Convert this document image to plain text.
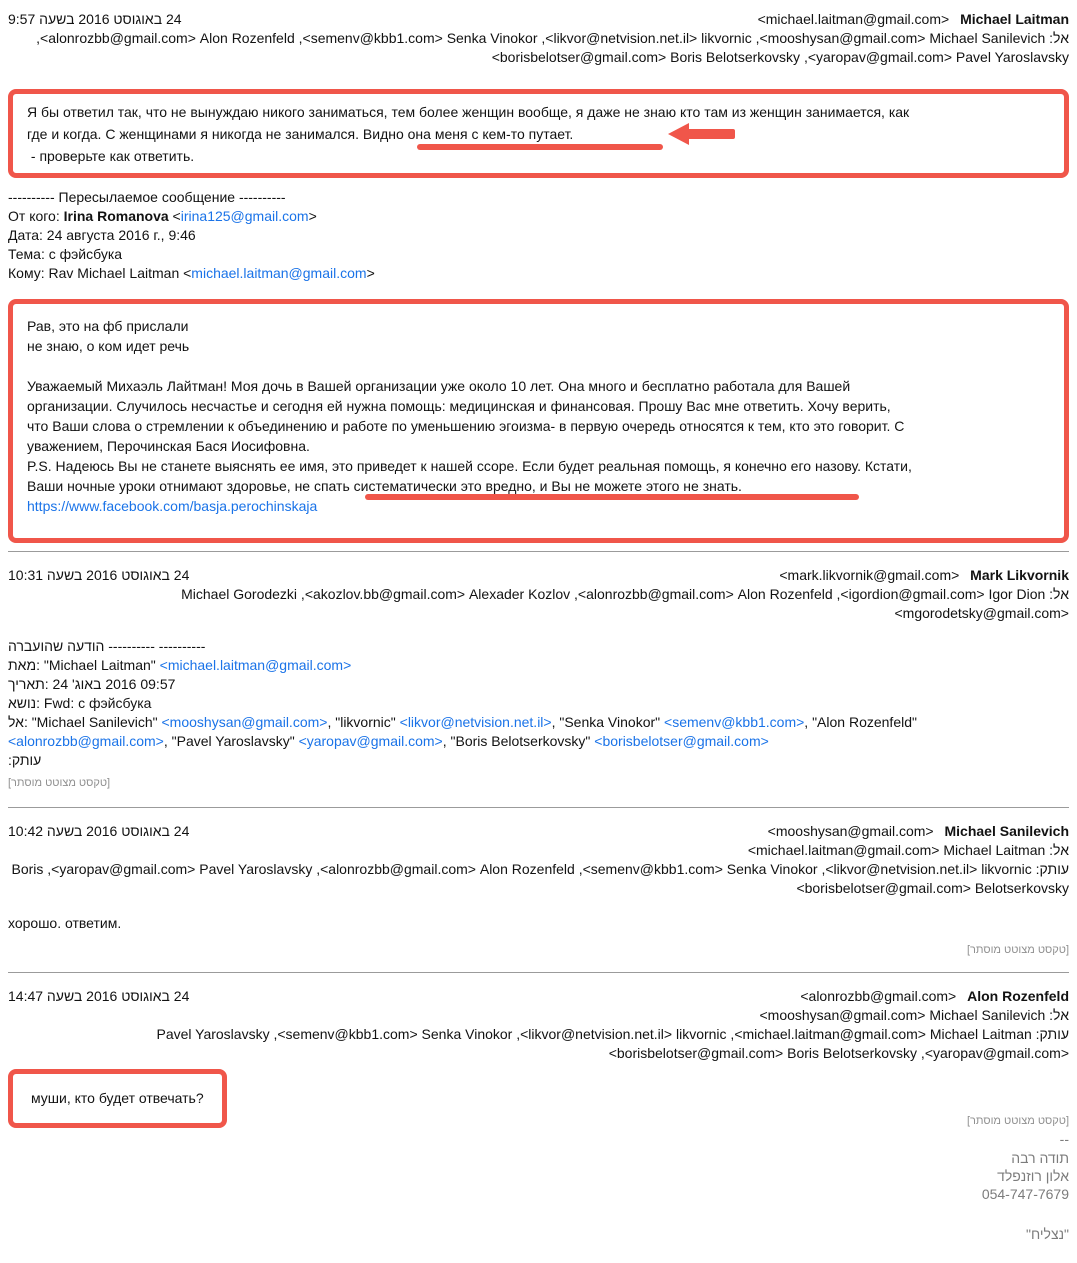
Michael Laitman <michael.laitman@gmail.com>
24 באוגוסט 2016 בשעה 9:57
אל: Michael Sanilevich <mooshysan@gmail.com>, likvornic <likvor@netvision.net.il>, Senka Vinokor <semenv@kbb1.com>, Alon Rozenfeld <alonrozbb@gmail.com>, Pavel Yaroslavsky <yaropav@gmail.com>, Boris Belotserkovsky <borisbelotser@gmail.com>

Я бы ответил так, что не вынуждаю никого заниматься, тем более женщин вообще, я даже не знаю кто там из женщин занимается, как
где и когда. С женщинами я никогда не занимался. Видно она меня с кем-то путает.
- проверьте как ответить.

---------- Пересылаемое сообщение ----------
От кого: Irina Romanova <irina125@gmail.com>
Дата: 24 августа 2016 г., 9:46
Тема: с фэйсбука
Кому: Rav Michael Laitman <michael.laitman@gmail.com>

Рав, это на фб прислали
не знаю, о ком идет речь

Уважаемый Михаэль Лайтман! Моя дочь в Вашей организации уже около 10 лет. Она много и бесплатно работала для Вашей
организации. Случилось несчастье и сегодня ей нужна помощь: медицинская и финансовая. Прошу Вас мне ответить. Хочу верить,
что Ваши слова о стремлении к объединению и работе по уменьшению эгоизма- в первую очередь относятся к тем, кто это говорит. С
уважением, Перочинская Бася Иосифовна.
P.S. Надеюсь Вы не станете выяснять ее имя, это приведет к нашей ссоре. Если будет реальная помощь, я конечно его назову. Кстати,
Ваши ночные уроки отнимают здоровье, не спать систематически это вредно, и Вы не можете этого не знать.

https://www.facebook.com/basja.perochinskaja
Mark Likvornik <mark.likvornik@gmail.com>
24 באוגוסט 2016 בשעה 10:31
אל: Igor Dion <igordion@gmail.com>, Alon Rozenfeld <alonrozbb@gmail.com>, Alexader Kozlov <akozlov.bb@gmail.com>, Michael Gorodezki <mgorodetsky@gmail.com>
הודעה שהועברה ---------- ----------
מאת: "Michael Laitman" <michael.laitman@gmail.com>
תאריך: 24 באוג' 2016 09:57
נושא: Fwd: с фэйсбука
אל: "Michael Sanilevich" <mooshysan@gmail.com>, "likvornic" <likvor@netvision.net.il>, "Senka Vinokor" <semenv@kbb1.com>, "Alon Rozenfeld" <alonrozbb@gmail.com>, "Pavel Yaroslavsky" <yaropav@gmail.com>, "Boris Belotserkovsky" <borisbelotser@gmail.com>
עותק:
[טקסט מצוטט מוסתר]
Michael Sanilevich <mooshysan@gmail.com>
24 באוגוסט 2016 בשעה 10:42
אל: Michael Laitman <michael.laitman@gmail.com>
עותק: likvornic <likvor@netvision.net.il>, Senka Vinokor <semenv@kbb1.com>, Alon Rozenfeld <alonrozbb@gmail.com>, Pavel Yaroslavsky <yaropav@gmail.com>, Boris Belotserkovsky <borisbelotser@gmail.com>
хорошо. ответим.
[טקסט מצוטט מוסתר]
Alon Rozenfeld <alonrozbb@gmail.com>
24 באוגוסט 2016 בשעה 14:47
אל: Michael Sanilevich <mooshysan@gmail.com>
עותק: Michael Laitman <michael.laitman@gmail.com>, likvornic <likvor@netvision.net.il>, Senka Vinokor <semenv@kbb1.com>, Pavel Yaroslavsky <yaropav@gmail.com>, Boris Belotserkovsky <borisbelotser@gmail.com>
муши, кто будет отвечать?
[טקסט מצוטט מוסתר]
--
תודה רבה
אלון רוזנפלד
054-747-7679
"נצליח"
